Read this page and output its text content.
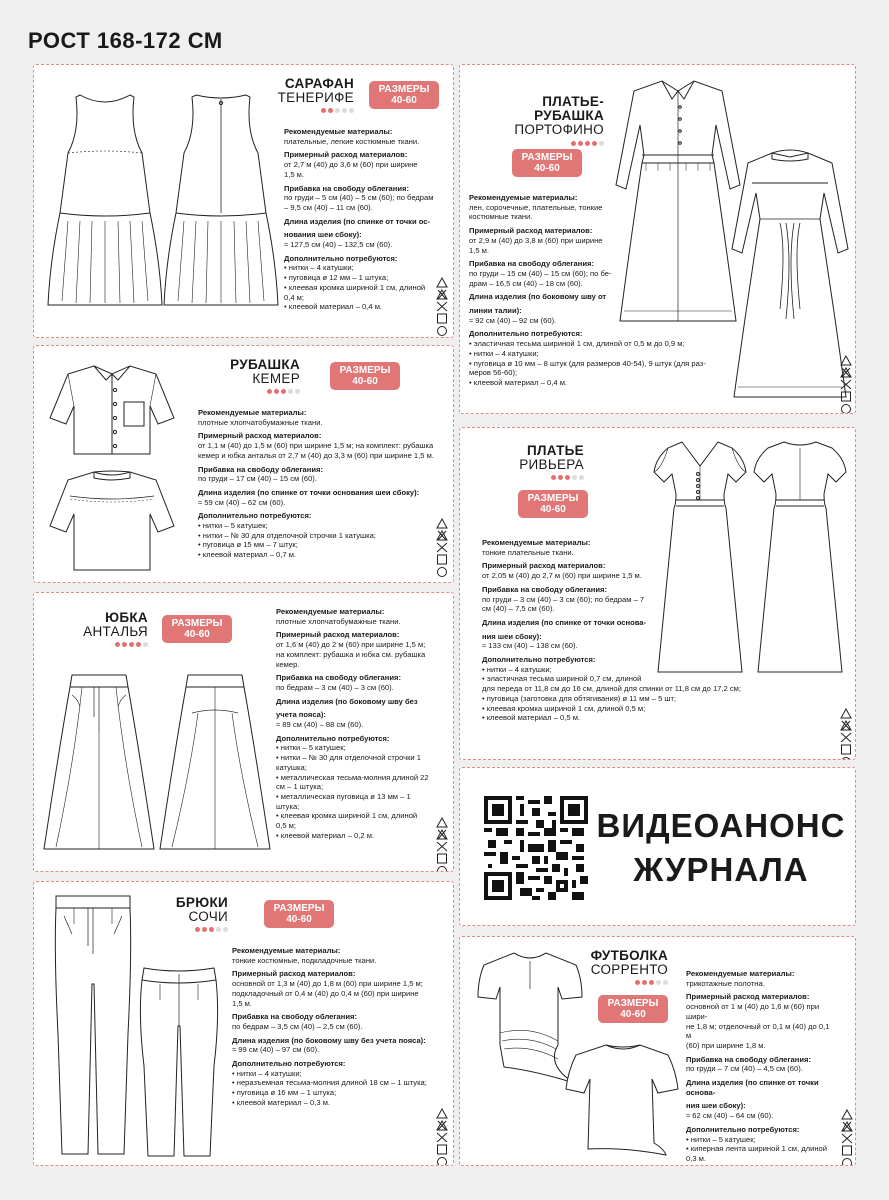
РОСТ 168-172 СМ
САРАФАН
ТЕНЕРИФЕ
РАЗМЕРЫ
40-60
Рекомендуемые материалы:
плательные, легкие костюмные ткани.
Примерный расход материалов:
от 2,7 м (40) до 3,6 м (60) при ширине
1,5 м.
Прибавка на свободу облегания:
по груди – 5 см (40) – 5 см (60); по бедрам
– 9,5 см (40) – 11 см (60).
Длина изделия (по спинке от точки ос-
нования шеи сбоку):
≈ 127,5 см (40) – 132,5 см (60).
Дополнительно потребуются:
• нитки – 4 катушки;
• пуговица ø 12 мм – 1 штука;
• клеевая кромка шириной 1 см, длиной
0,4 м;
• клеевой материал – 0,4 м.
РУБАШКА
КЕМЕР
РАЗМЕРЫ
40-60
Рекомендуемые материалы:
плотные хлопчатобумажные ткани.
Примерный расход материалов:
от 1,1 м (40) до 1,5 м (60) при ширине 1,5 м; на комплект: рубашка
кемер и юбка анталья от 2,7 м (40) до 3,3 м (60) при ширине 1,5 м.
Прибавка на свободу облегания:
по груди – 17 см (40) – 15 см (60).
Длина изделия (по спинке от точки основания шеи сбоку):
≈ 59 см (40) – 62 см (60).
Дополнительно потребуются:
• нитки – 5 катушек;
• нитки – № 30 для отделочной строчки 1 катушка;
• пуговица ø 15 мм – 7 штук;
• клеевой материал – 0,7 м.
ЮБКА
АНТАЛЬЯ
РАЗМЕРЫ
40-60
Рекомендуемые материалы:
плотные хлопчатобумажные ткани.
Примерный расход материалов:
от 1,6 м (40) до 2 м (60) при ширине 1,5 м;
на комплект: рубашка и юбка см. рубашка
кемер.
Прибавка на свободу облегания:
по бедрам – 3 см (40) – 3 см (60).
Длина изделия (по боковому шву без
учета пояса):
≈ 89 см (40) – 88 см (60).
Дополнительно потребуются:
• нитки – 5 катушек;
• нитки – № 30 для отделочной строчки 1
катушка;
• металлическая тесьма-молния длиной 22
см – 1 штука;
• металлическая пуговица ø 13 мм – 1
штука;
• клеевая кромка шириной 1 см, длиной
0,5 м;
• клеевой материал – 0,2 м.
БРЮКИ
СОЧИ
РАЗМЕРЫ
40-60
Рекомендуемые материалы:
тонкие костюмные, подкладочные ткани.
Примерный расход материалов:
основной от 1,3 м (40) до 1,8 м (60) при ширине 1,5 м;
подкладочный от 0,4 м (40) до 0,4 м (60) при ширине
1,5 м.
Прибавка на свободу облегания:
по бедрам – 3,5 см (40) – 2,5 см (60).
Длина изделия (по боковому шву без учета пояса):
≈ 99 см (40) – 97 см (60).
Дополнительно потребуются:
• нитки – 4 катушки;
• неразъемная тесьма-молния длиной 18 см – 1 штука;
• пуговица ø 16 мм – 1 штука;
• клеевой материал – 0,3 м.
ПЛАТЬЕ-РУБАШКА
ПОРТОФИНО
РАЗМЕРЫ
40-60
Рекомендуемые материалы:
лен, сорочечные, плательные, тонкие
костюмные ткани.
Примерный расход материалов:
от 2,9 м (40) до 3,8 м (60) при ширине
1,5 м.
Прибавка на свободу облегания:
по груди – 15 см (40) – 15 см (60); по бе-
драм – 16,5 см (40) – 18 см (60).
Длина изделия (по боковому шву от
линии талии):
≈ 92 см (40) – 92 см (60).
Дополнительно потребуются:
• эластичная тесьма шириной 1 см, длиной от 0,5 м до 0,9 м;
• нитки – 4 катушки;
• пуговица ø 10 мм – 8 штук (для размеров 40-54), 9 штук (для раз-
меров 56-60);
• клеевой материал – 0,4 м.
ПЛАТЬЕ
РИВЬЕРА
РАЗМЕРЫ
40-60
Рекомендуемые материалы:
тонкие плательные ткани.
Примерный расход материалов:
от 2,05 м (40) до 2,7 м (60) при ширине 1,5 м.
Прибавка на свободу облегания:
по груди – 3 см (40) – 3 см (60); по бедрам – 7
см (40) – 7,5 см (60).
Длина изделия (по спинке от точки основа-
ния шеи сбоку):
≈ 133 см (40) – 138 см (60).
Дополнительно потребуются:
• нитки – 4 катушки;
• эластичная тесьма шириной 0,7 см, длиной
для переда от 11,8 см до 16 см, длиной для спинки от 11,8 см до 17,2 см;
• пуговица (заготовка для обтягивания) ø 11 мм – 5 шт;
• клеевая кромка шириной 1 см, длиной 0,5 м;
• клеевой материал – 0,5 м.
ВИДЕОАНОНС
ЖУРНАЛА
ФУТБОЛКА
СОРРЕНТО
РАЗМЕРЫ
40-60
Рекомендуемые материалы:
трикотажные полотна.
Примерный расход материалов:
основной от 1 м (40) до 1,6 м (60) при шири-
не 1,8 м; отделочный от 0,1 м (40) до 0,1 м
(60) при ширине 1,8 м.
Прибавка на свободу облегания:
по груди – 7 см (40) – 4,5 см (60).
Длина изделия (по спинке от точки основа-
ния шеи сбоку):
≈ 62 см (40) – 64 см (60).
Дополнительно потребуются:
• нитки – 5 катушек;
• киперная лента шириной 1 см, длиной
0,3 м.
